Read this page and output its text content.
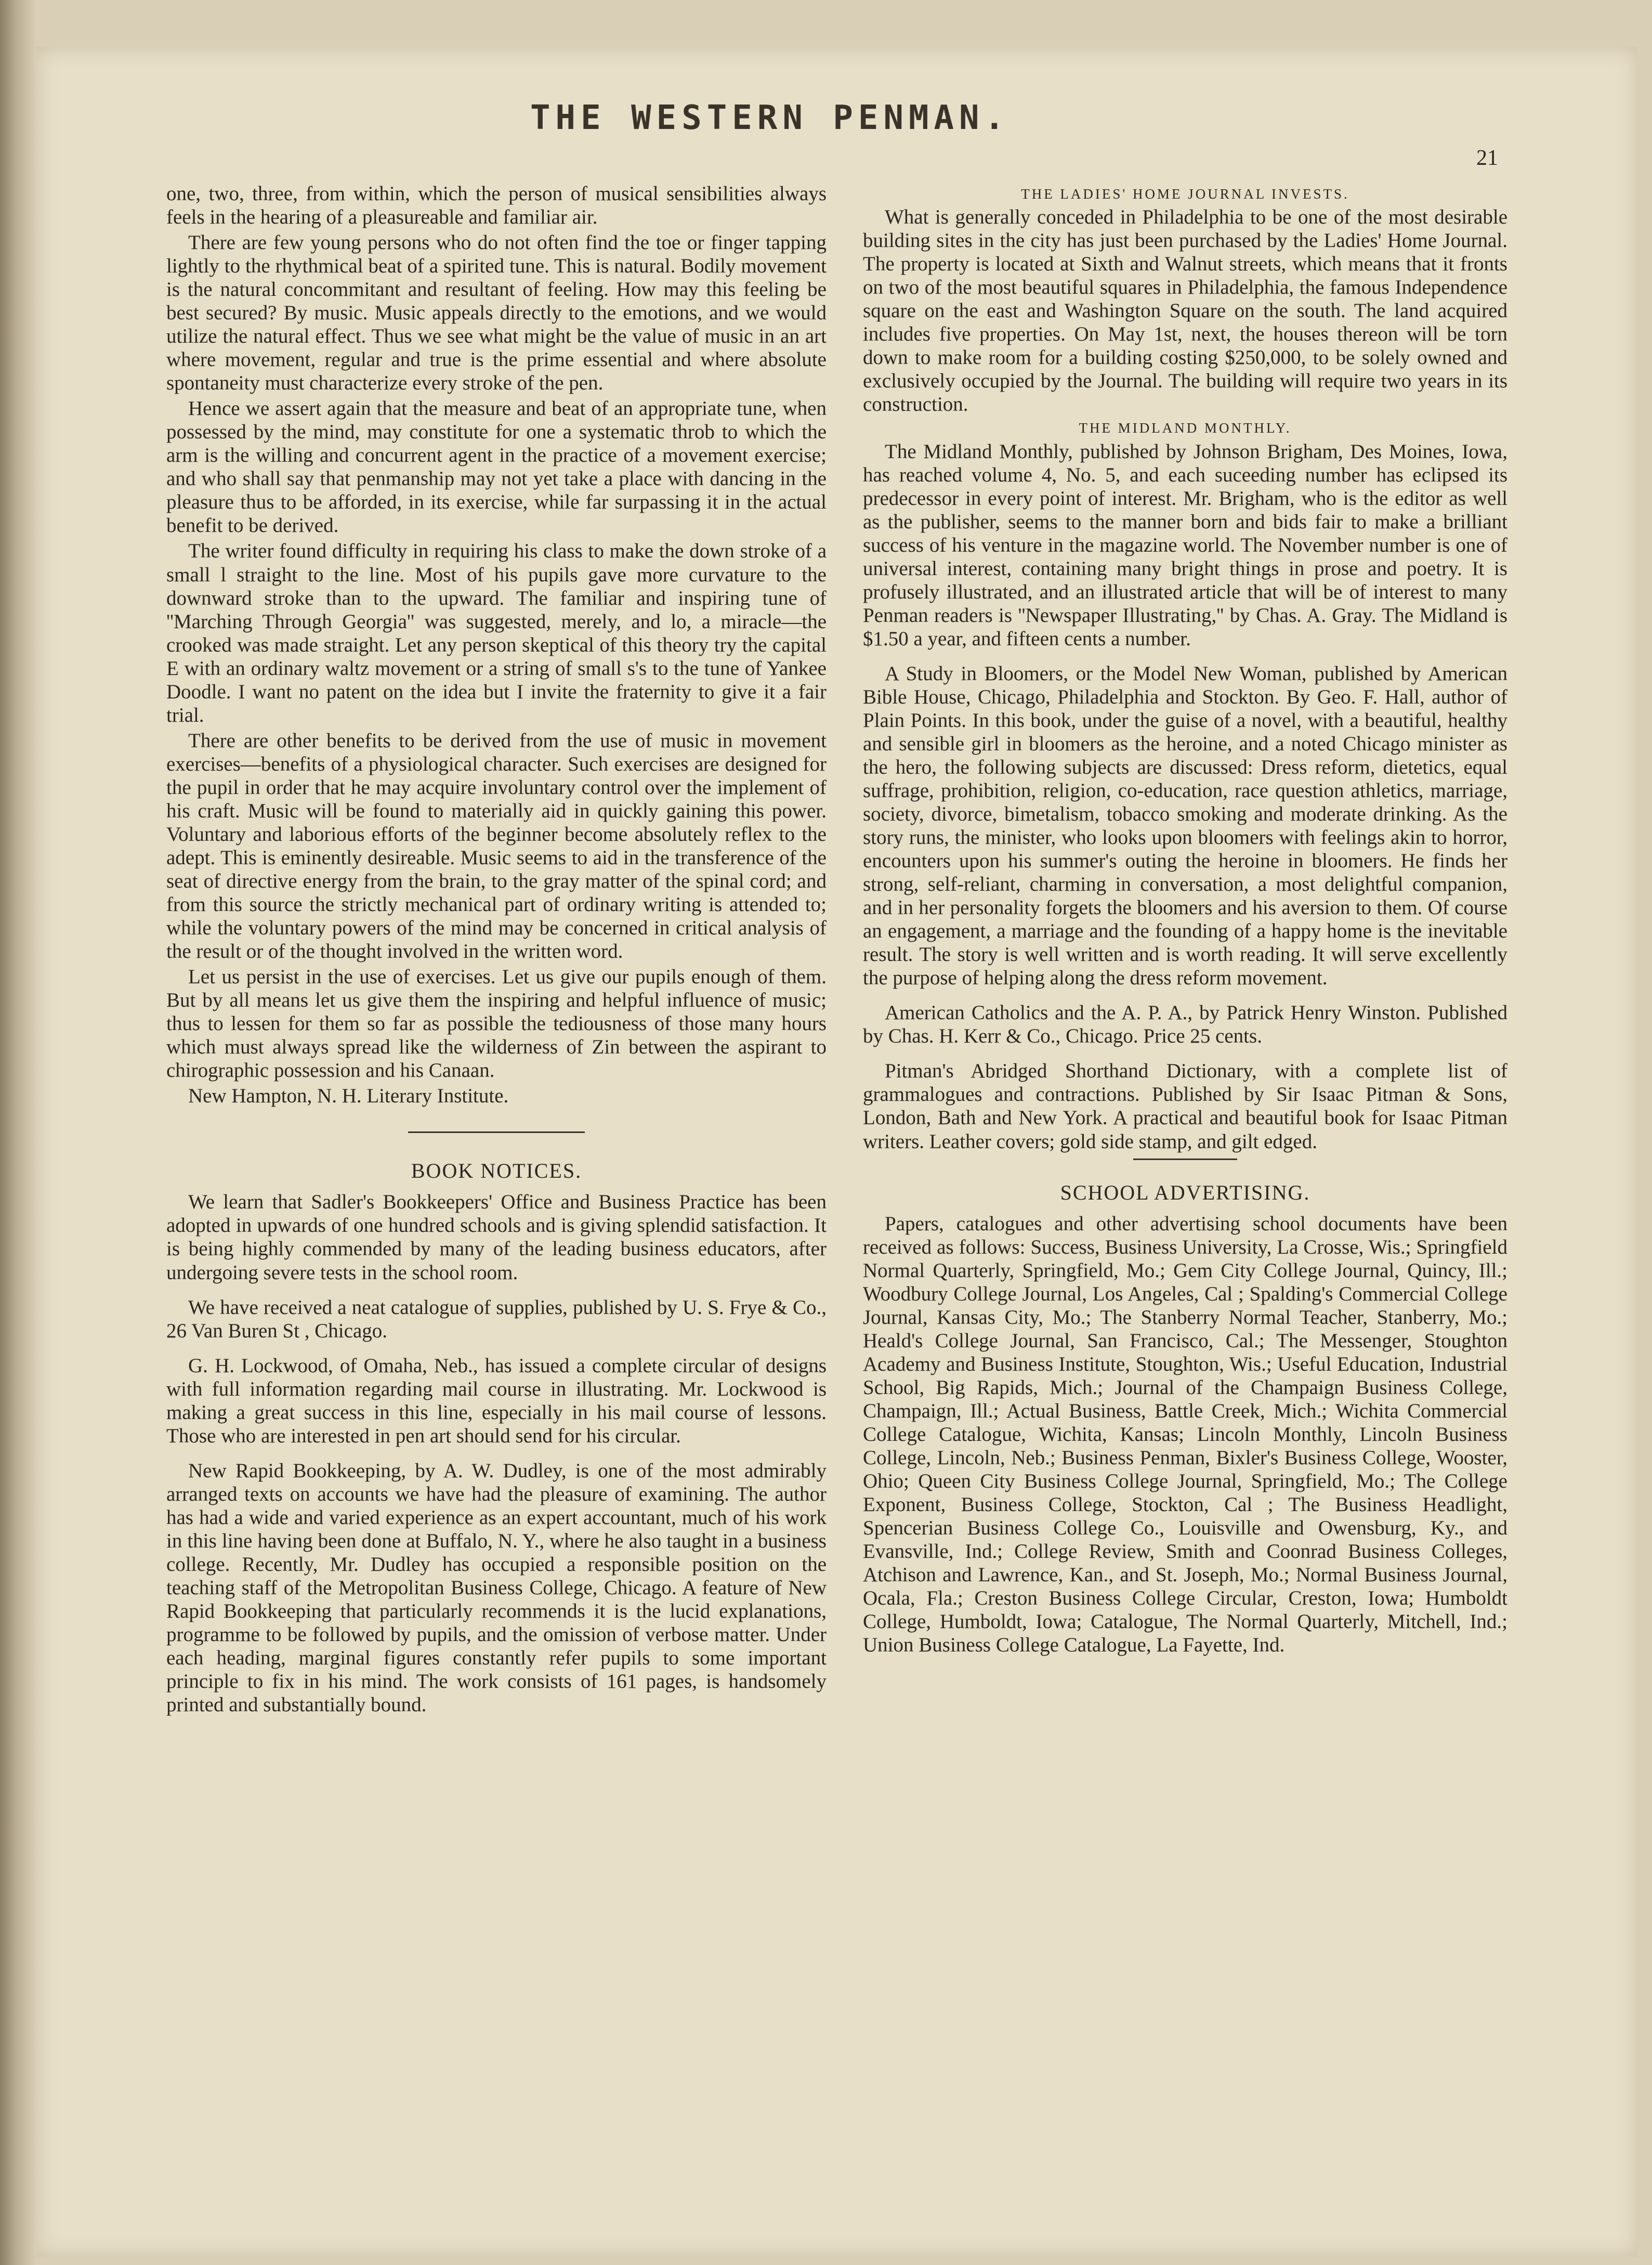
THE WESTERN PENMAN.
21

one, two, three, from within, which the person of musical sensibilities always feels in the hearing of a pleasureable and familiar air.

There are few young persons who do not often find the toe or finger tapping lightly to the rhythmical beat of a spirited tune. This is natural. Bodily movement is the natural concommitant and resultant of feeling. How may this feeling be best secured? By music. Music appeals directly to the emotions, and we would utilize the natural effect. Thus we see what might be the value of music in an art where movement, regular and true is the prime essential and where absolute spontaneity must characterize every stroke of the pen.

Hence we assert again that the measure and beat of an appropriate tune, when possessed by the mind, may constitute for one a systematic throb to which the arm is the willing and concurrent agent in the practice of a movement exercise; and who shall say that penmanship may not yet take a place with dancing in the pleasure thus to be afforded, in its exercise, while far surpassing it in the actual benefit to be derived.

The writer found difficulty in requiring his class to make the down stroke of a small l straight to the line. Most of his pupils gave more curvature to the downward stroke than to the upward. The familiar and inspiring tune of ''Marching Through Georgia'' was suggested, merely, and lo, a miracle—the crooked was made straight. Let any person skeptical of this theory try the capital E with an ordinary waltz movement or a string of small s's to the tune of Yankee Doodle. I want no patent on the idea but I invite the fraternity to give it a fair trial.

There are other benefits to be derived from the use of music in movement exercises—benefits of a physiological character. Such exercises are designed for the pupil in order that he may acquire involuntary control over the implement of his craft. Music will be found to materially aid in quickly gaining this power. Voluntary and laborious efforts of the beginner become absolutely reflex to the adept. This is eminently desireable. Music seems to aid in the transference of the seat of directive energy from the brain, to the gray matter of the spinal cord; and from this source the strictly mechanical part of ordinary writing is attended to; while the voluntary powers of the mind may be concerned in critical analysis of the result or of the thought involved in the written word.

Let us persist in the use of exercises. Let us give our pupils enough of them. But by all means let us give them the inspiring and helpful influence of music; thus to lessen for them so far as possible the tediousness of those many hours which must always spread like the wilderness of Zin between the aspirant to chirographic possession and his Canaan.

New Hampton, N. H. Literary Institute.

BOOK NOTICES.

We learn that Sadler's Bookkeepers' Office and Business Practice has been adopted in upwards of one hundred schools and is giving splendid satisfaction. It is being highly commended by many of the leading business educators, after undergoing severe tests in the school room.

We have received a neat catalogue of supplies, published by U. S. Frye & Co., 26 Van Buren St , Chicago.

G. H. Lockwood, of Omaha, Neb., has issued a complete circular of designs with full information regarding mail course in illustrating. Mr. Lockwood is making a great success in this line, especially in his mail course of lessons. Those who are interested in pen art should send for his circular.

New Rapid Bookkeeping, by A. W. Dudley, is one of the most admirably arranged texts on accounts we have had the pleasure of examining. The author has had a wide and varied experience as an expert accountant, much of his work in this line having been done at Buffalo, N. Y., where he also taught in a business college. Recently, Mr. Dudley has occupied a responsible position on the teaching staff of the Metropolitan Business College, Chicago. A feature of New Rapid Bookkeeping that particularly recommends it is the lucid explanations, programme to be followed by pupils, and the omission of verbose matter. Under each heading, marginal figures constantly refer pupils to some important principle to fix in his mind. The work consists of 161 pages, is handsomely printed and substantially bound.

THE LADIES' HOME JOURNAL INVESTS.

What is generally conceded in Philadelphia to be one of the most desirable building sites in the city has just been purchased by the Ladies' Home Journal. The property is located at Sixth and Walnut streets, which means that it fronts on two of the most beautiful squares in Philadelphia, the famous Independence square on the east and Washington Square on the south. The land acquired includes five properties. On May 1st, next, the houses thereon will be torn down to make room for a building costing $250,000, to be solely owned and exclusively occupied by the Journal. The building will require two years in its construction.

THE MIDLAND MONTHLY.

The Midland Monthly, published by Johnson Brigham, Des Moines, Iowa, has reached volume 4, No. 5, and each suceeding number has eclipsed its predecessor in every point of interest. Mr. Brigham, who is the editor as well as the publisher, seems to the manner born and bids fair to make a brilliant success of his venture in the magazine world. The November number is one of universal interest, containing many bright things in prose and poetry. It is profusely illustrated, and an illustrated article that will be of interest to many Penman readers is ''Newspaper Illustrating,'' by Chas. A. Gray. The Midland is $1.50 a year, and fifteen cents a number.

A Study in Bloomers, or the Model New Woman, published by American Bible House, Chicago, Philadelphia and Stockton. By Geo. F. Hall, author of Plain Points. In this book, under the guise of a novel, with a beautiful, healthy and sensible girl in bloomers as the heroine, and a noted Chicago minister as the hero, the following subjects are discussed: Dress reform, dietetics, equal suffrage, prohibition, religion, co-education, race question athletics, marriage, society, divorce, bimetalism, tobacco smoking and moderate drinking. As the story runs, the minister, who looks upon bloomers with feelings akin to horror, encounters upon his summer's outing the heroine in bloomers. He finds her strong, self-reliant, charming in conversation, a most delightful companion, and in her personality forgets the bloomers and his aversion to them. Of course an engagement, a marriage and the founding of a happy home is the inevitable result. The story is well written and is worth reading. It will serve excellently the purpose of helping along the dress reform movement.

American Catholics and the A. P. A., by Patrick Henry Winston. Published by Chas. H. Kerr & Co., Chicago. Price 25 cents.

Pitman's Abridged Shorthand Dictionary, with a complete list of grammalogues and contractions. Published by Sir Isaac Pitman & Sons, London, Bath and New York. A practical and beautiful book for Isaac Pitman writers. Leather covers; gold side stamp, and gilt edged.

SCHOOL ADVERTISING.

Papers, catalogues and other advertising school documents have been received as follows: Success, Business University, La Crosse, Wis.; Springfield Normal Quarterly, Springfield, Mo.; Gem City College Journal, Quincy, Ill.; Woodbury College Journal, Los Angeles, Cal ; Spalding's Commercial College Journal, Kansas City, Mo.; The Stanberry Normal Teacher, Stanberry, Mo.; Heald's College Journal, San Francisco, Cal.; The Messenger, Stoughton Academy and Business Institute, Stoughton, Wis.; Useful Education, Industrial School, Big Rapids, Mich.; Journal of the Champaign Business College, Champaign, Ill.; Actual Business, Battle Creek, Mich.; Wichita Commercial College Catalogue, Wichita, Kansas; Lincoln Monthly, Lincoln Business College, Lincoln, Neb.; Business Penman, Bixler's Business College, Wooster, Ohio; Queen City Business College Journal, Springfield, Mo.; The College Exponent, Business College, Stockton, Cal ; The Business Headlight, Spencerian Business College Co., Louisville and Owensburg, Ky., and Evansville, Ind.; College Review, Smith and Coonrad Business Colleges, Atchison and Lawrence, Kan., and St. Joseph, Mo.; Normal Business Journal, Ocala, Fla.; Creston Business College Circular, Creston, Iowa; Humboldt College, Humboldt, Iowa; Catalogue, The Normal Quarterly, Mitchell, Ind.; Union Business College Catalogue, La Fayette, Ind.
